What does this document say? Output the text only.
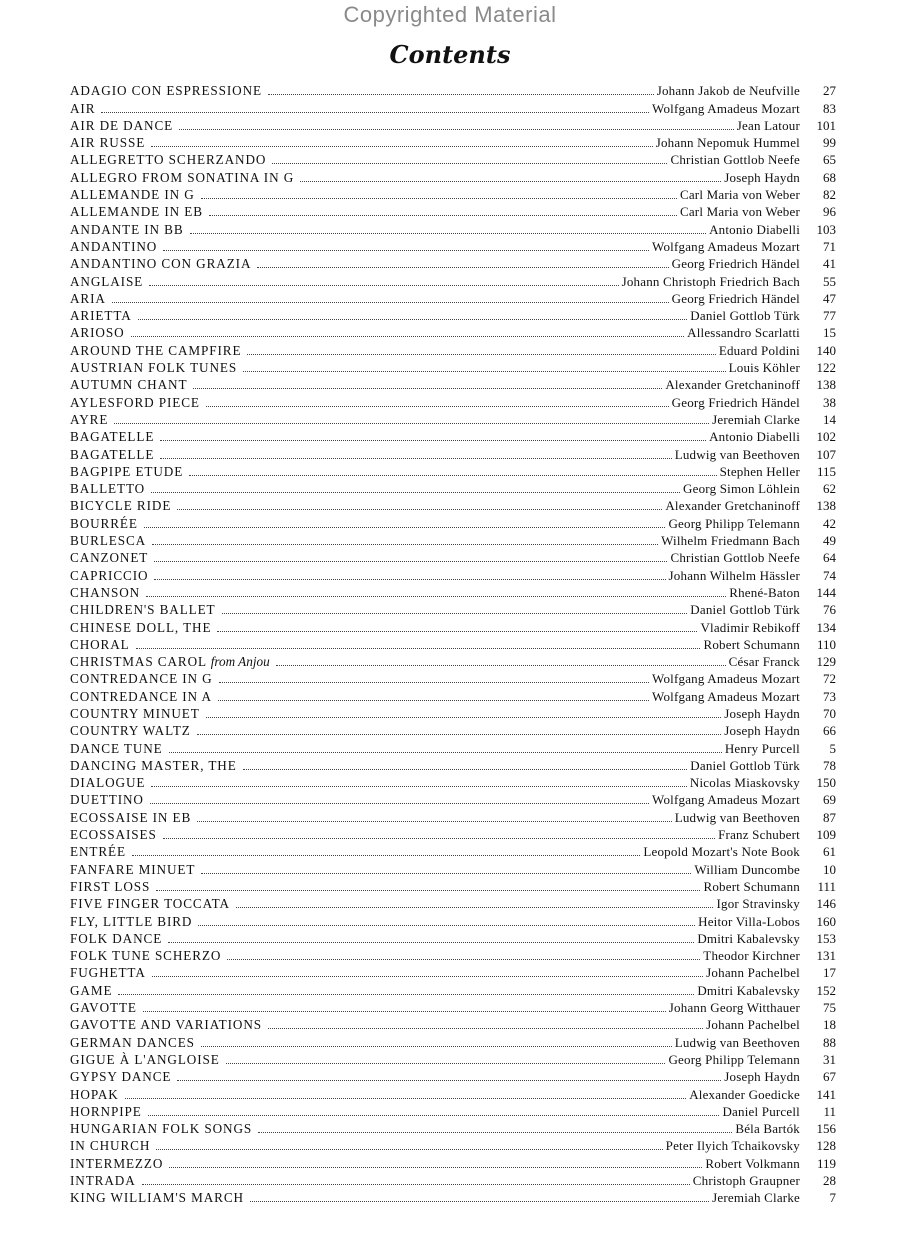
Copyrighted Material
Contents
ADAGIO CON ESPRESSIONE	Johann Jakob de Neufville	27
AIR	Wolfgang Amadeus Mozart	83
AIR DE DANCE	Jean Latour	101
AIR RUSSE	Johann Nepomuk Hummel	99
ALLEGRETTO SCHERZANDO	Christian Gottlob Neefe	65
ALLEGRO FROM SONATINA IN G	Joseph Haydn	68
ALLEMANDE IN G	Carl Maria von Weber	82
ALLEMANDE IN EB	Carl Maria von Weber	96
ANDANTE IN BB	Antonio Diabelli	103
ANDANTINO	Wolfgang Amadeus Mozart	71
ANDANTINO CON GRAZIA	Georg Friedrich Händel	41
ANGLAISE	Johann Christoph Friedrich Bach	55
ARIA	Georg Friedrich Händel	47
ARIETTA	Daniel Gottlob Türk	77
ARIOSO	Allessandro Scarlatti	15
AROUND THE CAMPFIRE	Eduard Poldini	140
AUSTRIAN FOLK TUNES	Louis Köhler	122
AUTUMN CHANT	Alexander Gretchaninoff	138
AYLESFORD PIECE	Georg Friedrich Händel	38
AYRE	Jeremiah Clarke	14
BAGATELLE	Antonio Diabelli	102
BAGATELLE	Ludwig van Beethoven	107
BAGPIPE ETUDE	Stephen Heller	115
BALLETTO	Georg Simon Löhlein	62
BICYCLE RIDE	Alexander Gretchaninoff	138
BOURRÉE	Georg Philipp Telemann	42
BURLESCA	Wilhelm Friedmann Bach	49
CANZONET	Christian Gottlob Neefe	64
CAPRICCIO	Johann Wilhelm Hässler	74
CHANSON	Rhené-Baton	144
CHILDREN'S BALLET	Daniel Gottlob Türk	76
CHINESE DOLL, THE	Vladimir Rebikoff	134
CHORAL	Robert Schumann	110
CHRISTMAS CAROL from Anjou	César Franck	129
CONTREDANCE IN G	Wolfgang Amadeus Mozart	72
CONTREDANCE IN A	Wolfgang Amadeus Mozart	73
COUNTRY MINUET	Joseph Haydn	70
COUNTRY WALTZ	Joseph Haydn	66
DANCE TUNE	Henry Purcell	5
DANCING MASTER, THE	Daniel Gottlob Türk	78
DIALOGUE	Nicolas Miaskovsky	150
DUETTINO	Wolfgang Amadeus Mozart	69
ECOSSAISE IN EB	Ludwig van Beethoven	87
ECOSSAISES	Franz Schubert	109
ENTRÉE	Leopold Mozart's Note Book	61
FANFARE MINUET	William Duncombe	10
FIRST LOSS	Robert Schumann	111
FIVE FINGER TOCCATA	Igor Stravinsky	146
FLY, LITTLE BIRD	Heitor Villa-Lobos	160
FOLK DANCE	Dmitri Kabalevsky	153
FOLK TUNE SCHERZO	Theodor Kirchner	131
FUGHETTA	Johann Pachelbel	17
GAME	Dmitri Kabalevsky	152
GAVOTTE	Johann Georg Witthauer	75
GAVOTTE AND VARIATIONS	Johann Pachelbel	18
GERMAN DANCES	Ludwig van Beethoven	88
GIGUE À L'ANGLOISE	Georg Philipp Telemann	31
GYPSY DANCE	Joseph Haydn	67
HOPAK	Alexander Goedicke	141
HORNPIPE	Daniel Purcell	11
HUNGARIAN FOLK SONGS	Béla Bartók	156
IN CHURCH	Peter Ilyich Tchaikovsky	128
INTERMEZZO	Robert Volkmann	119
INTRADA	Christoph Graupner	28
KING WILLIAM'S MARCH	Jeremiah Clarke	7
